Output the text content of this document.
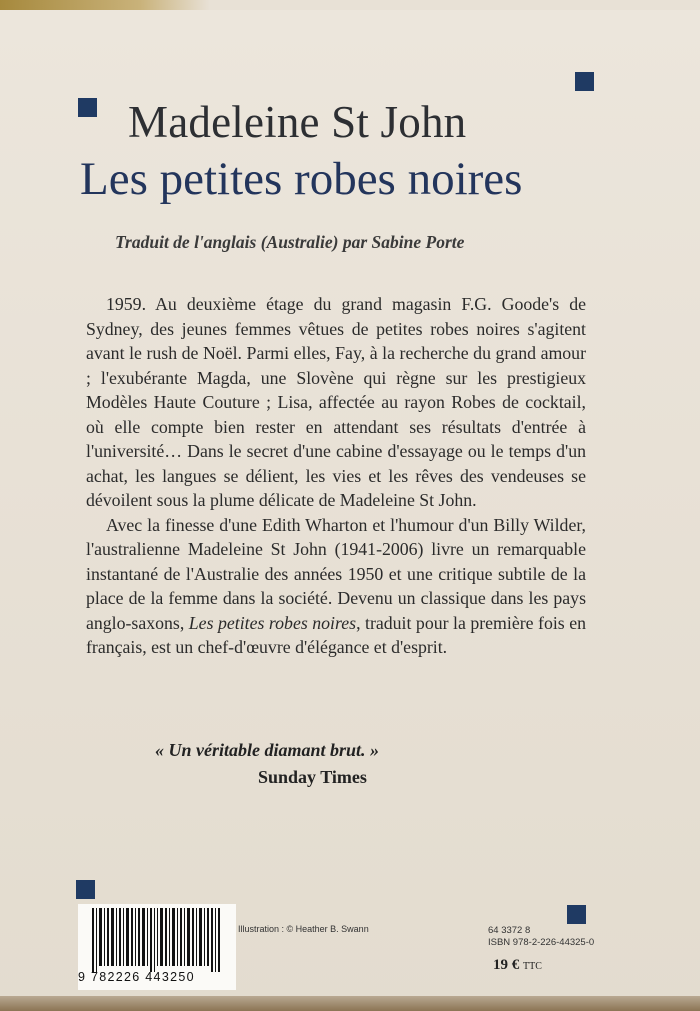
Madeleine St John
Les petites robes noires
Traduit de l'anglais (Australie) par Sabine Porte

1959. Au deuxième étage du grand magasin F.G. Goode's de Sydney, des jeunes femmes vêtues de petites robes noires s'agitent avant le rush de Noël. Parmi elles, Fay, à la recherche du grand amour ; l'exubérante Magda, une Slovène qui règne sur les prestigieux Modèles Haute Couture ; Lisa, affectée au rayon Robes de cocktail, où elle compte bien rester en attendant ses résultats d'entrée à l'université… Dans le secret d'une cabine d'essayage ou le temps d'un achat, les langues se délient, les vies et les rêves des vendeuses se dévoilent sous la plume délicate de Madeleine St John.

Avec la finesse d'une Edith Wharton et l'humour d'un Billy Wilder, l'australienne Madeleine St John (1941-2006) livre un remarquable instantané de l'Australie des années 1950 et une critique subtile de la place de la femme dans la société. Devenu un classique dans les pays anglo-saxons, Les petites robes noires, traduit pour la première fois en français, est un chef-d'œuvre d'élégance et d'esprit.

« Un véritable diamant brut. »
Sunday Times
9 782226 443250
Illustration : © Heather B. Swann	64 3372 8
ISBN 978-2-226-44325-0
19 € TTC
